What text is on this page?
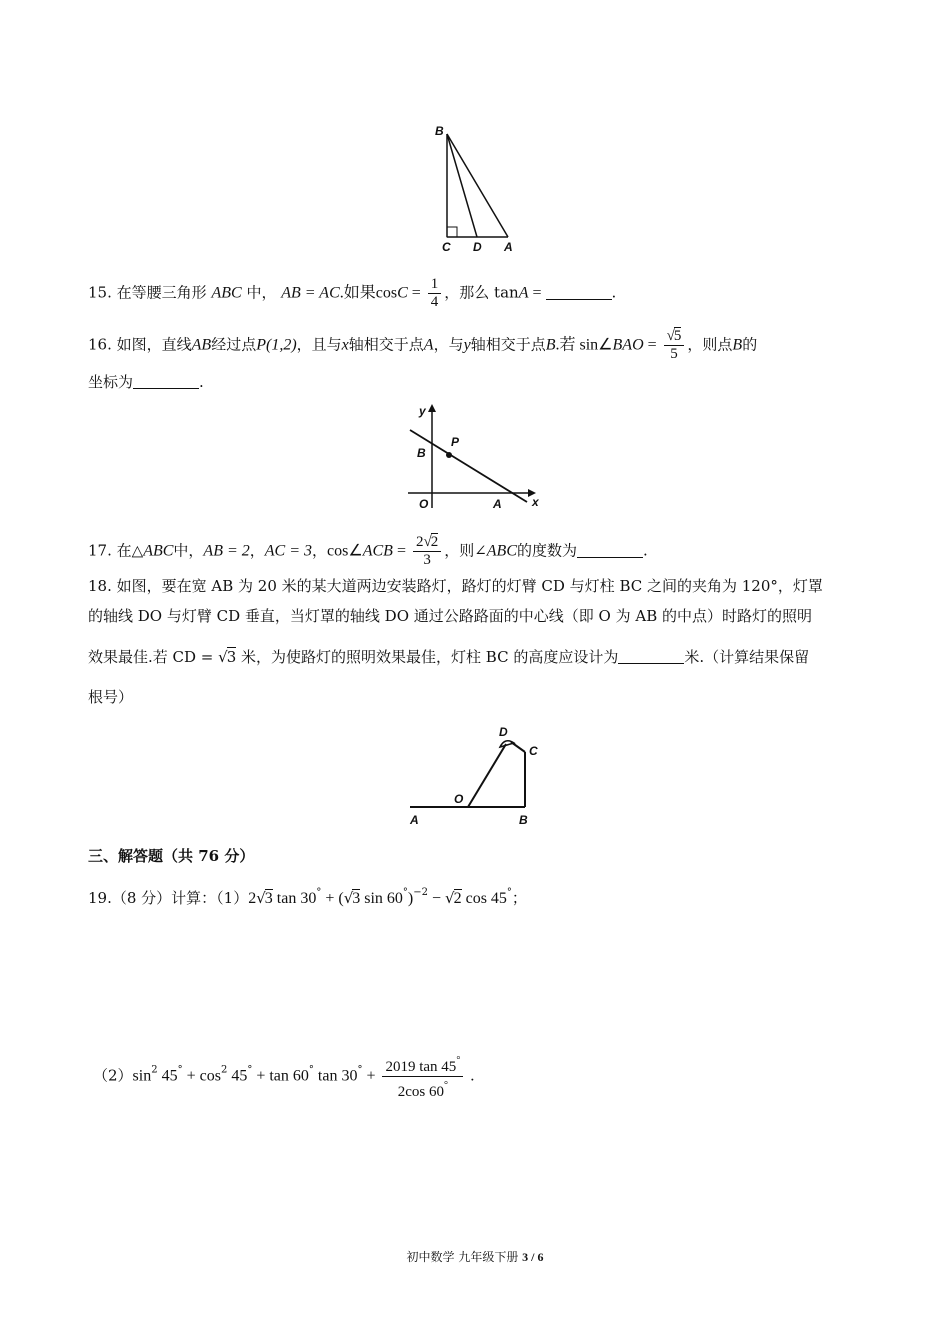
B
C D A
15. 在等腰三角形 ABC 中， AB = AC.如果$\cos C = \frac{1}{4}$ ，那么 tanA =	.
16. 如图，直线AB经过点P(1,2)，且与x轴相交于点A，与y轴相交于点B.若 sin∠BAO = $\frac{√5}{5}$ ，则点B的
坐标为	.
y
P
B
O	A	x
17. 在△ABC中，AB = 2，AC = 3，cos∠ACB = $\frac{2√2}{3}$ ，则∠ABC的度数为	.
18. 如图，要在宽 AB 为 20 米的某大道两边安装路灯，路灯的灯臂 CD 与灯柱 BC 之间的夹角为 120°，灯罩
的轴线 DO 与灯臂 CD 垂直，当灯罩的轴线 DO 通过公路路面的中心线（即 O 为 AB 的中点）时路灯的照明
效果最佳.若 CD = √3 米，为使路灯的照明效果最佳，灯柱 BC 的高度应设计为	米.（计算结果保留
根号）
D
C
O
A	B
三、解答题（共 76 分）
19.（8 分）计算：（1）2√3 tan 30° + (√3 sin 60°)$^{-2}$ − √2 cos 45°；
$(2)\sin^2$ $45^\circ + \cos^2 45^\circ + \tan 60^\circ$ $\tan 30^\circ + \frac{2019 \tan 45^\circ}{2\cos 60^\circ}$ .
初中数学 九年级下册 3 / 6
